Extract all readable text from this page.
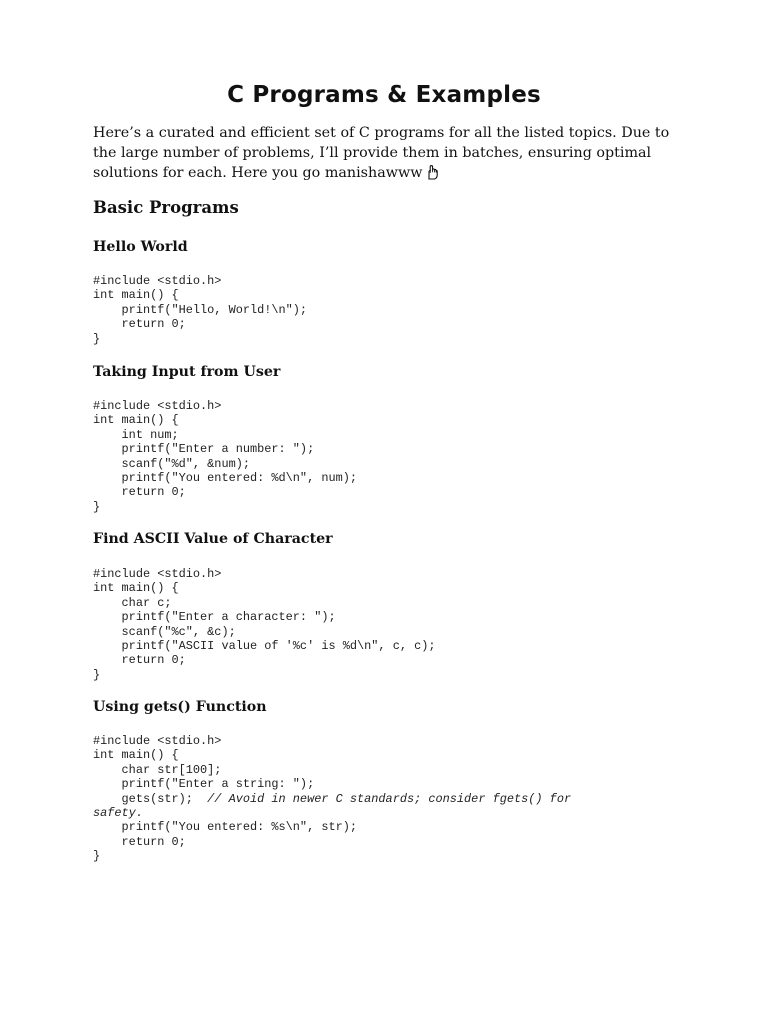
C Programs & Examples

Here’s a curated and efficient set of C programs for all the listed topics. Due to the large number of problems, I’ll provide them in batches, ensuring optimal solutions for each. Here you go manishawww

Basic Programs
Hello World
#include <stdio.h>
int main() {
printf("Hello, World!\n");
return 0;
}
Taking Input from User
#include <stdio.h>
int main() {
int num;
printf("Enter a number: ");
scanf("%d", &num);
printf("You entered: %d\n", num);
return 0;
}
Find ASCII Value of Character
#include <stdio.h>
int main() {
char c;
printf("Enter a character: ");
scanf("%c", &c);
printf("ASCII value of '%c' is %d\n", c, c);
return 0;
}
Using gets() Function
#include <stdio.h>
int main() {
char str[100];
printf("Enter a string: ");
gets(str);  // Avoid in newer C standards; consider fgets() for
safety.
printf("You entered: %s\n", str);
return 0;
}
